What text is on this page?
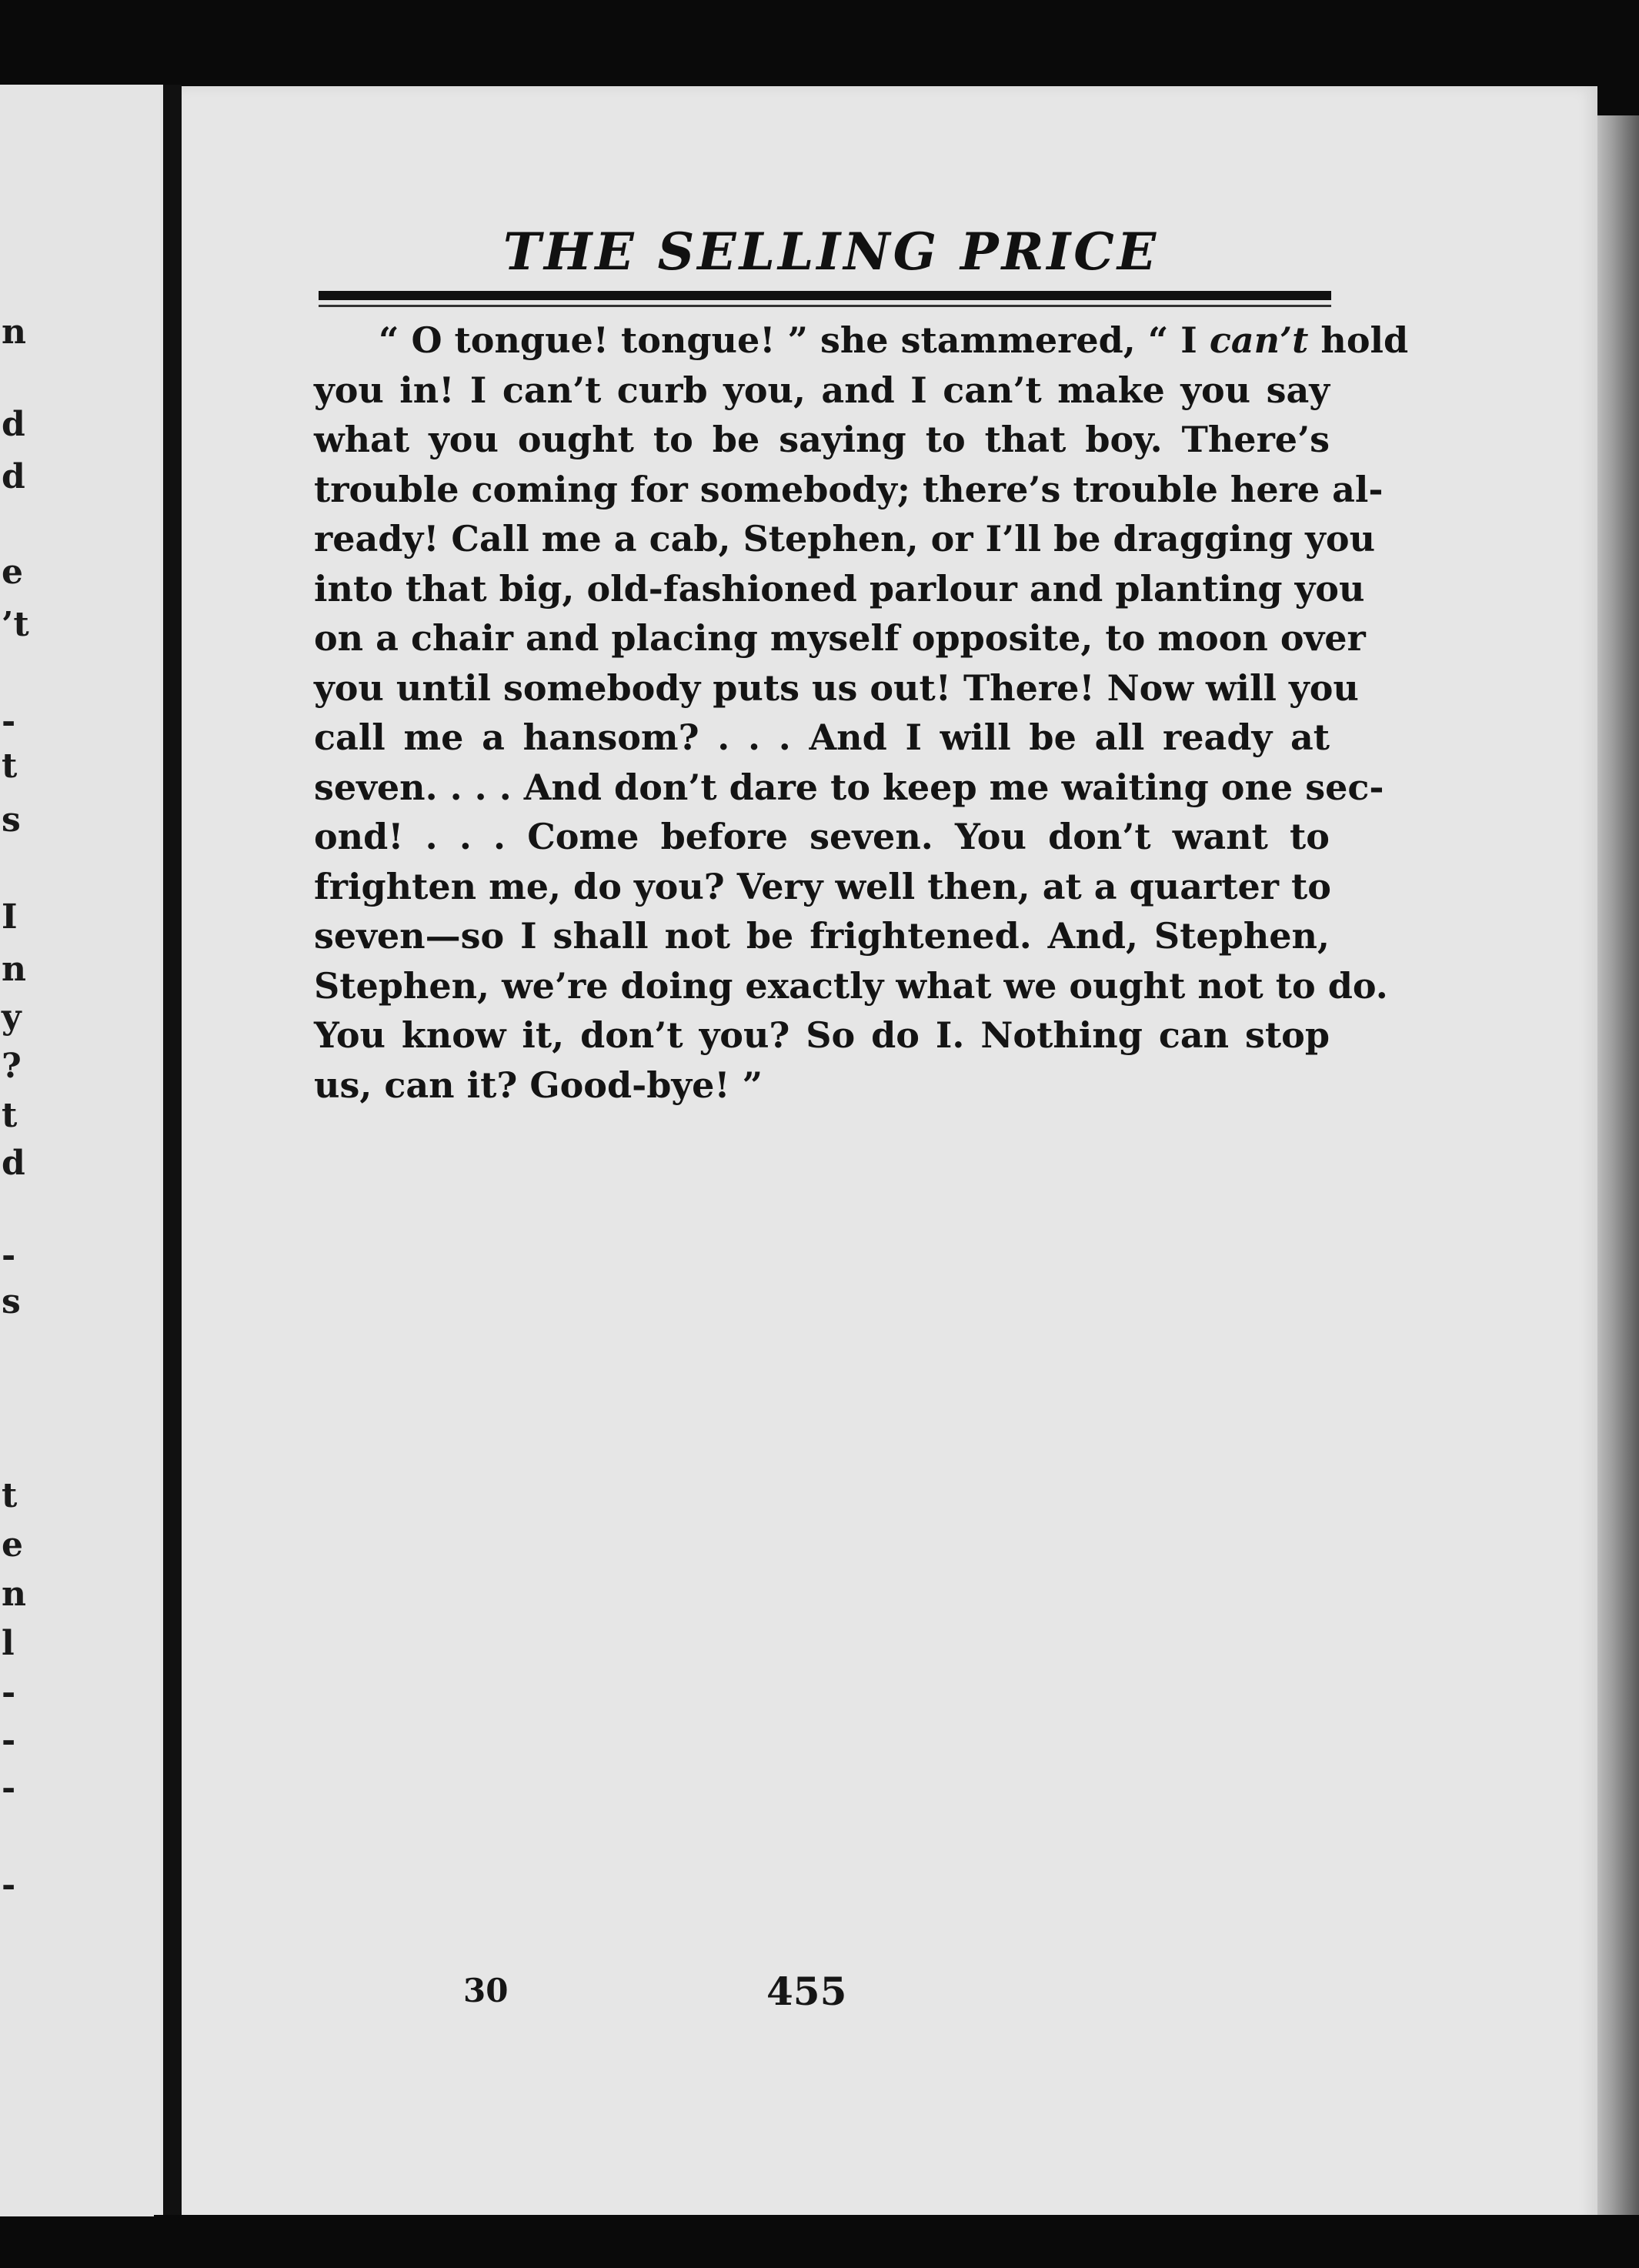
n
d
d
e
’t
-
t
s
I
n
y
?
t
d
-
s
t
e
n
l
-
-
-
-
THE SELLING PRICE
“ O tongue! tongue! ” she stammered, “ I can’t hold
you in! I can’t curb you, and I can’t make you say
what you ought to be saying to that boy. There’s
trouble coming for somebody; there’s trouble here al-
ready! Call me a cab, Stephen, or I’ll be dragging you
into that big, old-fashioned parlour and planting you
on a chair and placing myself opposite, to moon over
you until somebody puts us out! There! Now will you
call me a hansom? . . . And I will be all ready at
seven. . . . And don’t dare to keep me waiting one sec-
ond! . . . Come before seven. You don’t want to
frighten me, do you? Very well then, at a quarter to
seven—so I shall not be frightened. And, Stephen,
Stephen, we’re doing exactly what we ought not to do.
You know it, don’t you? So do I. Nothing can stop
us, can it? Good-bye! ”
30	455
